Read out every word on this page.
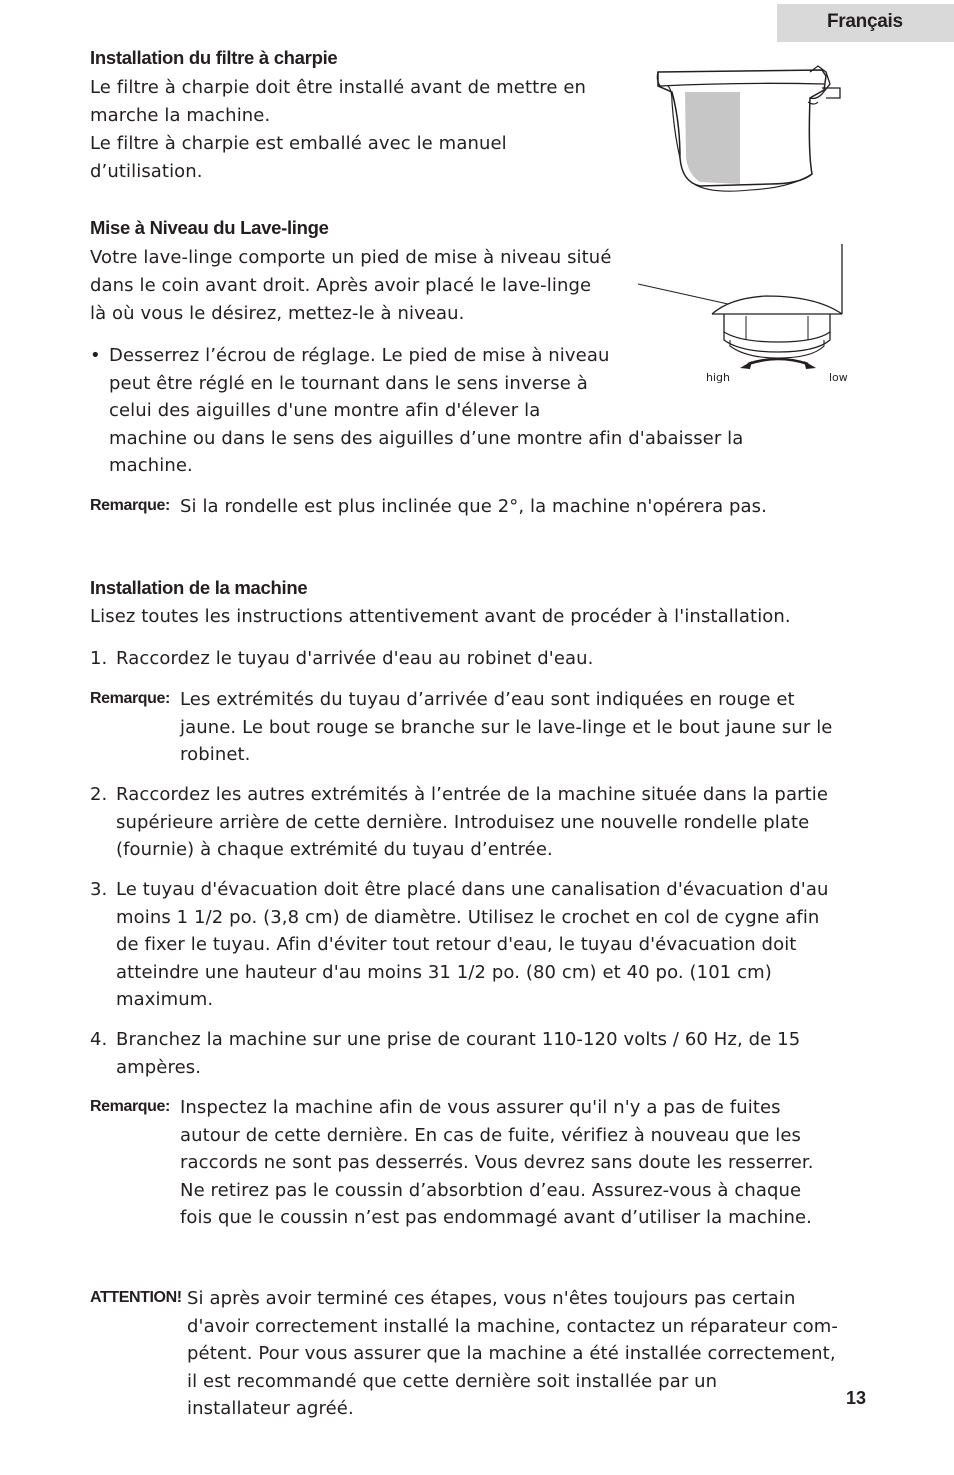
Français
Installation du filtre à charpie
Le filtre à charpie doit être installé avant de mettre en
marche la machine.
Le filtre à charpie est emballé avec le manuel
d’utilisation.
Mise à Niveau du Lave-linge
Votre lave-linge comporte un pied de mise à niveau situé
dans le coin avant droit. Après avoir placé le lave-linge
là où vous le désirez, mettez-le à niveau.
• Desserrez l’écrou de réglage. Le pied de mise à niveau
peut être réglé en le tournant dans le sens inverse à
celui des aiguilles d'une montre afin d'élever la
machine ou dans le sens des aiguilles d’une montre afin d'abaisser la
machine.
high	low
Remarque: Si la rondelle est plus inclinée que 2°, la machine n'opérera pas.
Installation de la machine
Lisez toutes les instructions attentivement avant de procéder à l'installation.
1. Raccordez le tuyau d'arrivée d'eau au robinet d'eau.
Remarque: Les extrémités du tuyau d’arrivée d’eau sont indiquées en rouge et
jaune. Le bout rouge se branche sur le lave-linge et le bout jaune sur le
robinet.
2. Raccordez les autres extrémités à l’entrée de la machine située dans la partie
supérieure arrière de cette dernière. Introduisez une nouvelle rondelle plate
(fournie) à chaque extrémité du tuyau d’entrée.
3. Le tuyau d'évacuation doit être placé dans une canalisation d'évacuation d'au
moins 1 1/2 po. (3,8 cm) de diamètre. Utilisez le crochet en col de cygne afin
de fixer le tuyau. Afin d'éviter tout retour d'eau, le tuyau d'évacuation doit
atteindre une hauteur d'au moins 31 1/2 po. (80 cm) et 40 po. (101 cm)
maximum.
4. Branchez la machine sur une prise de courant 110-120 volts / 60 Hz, de 15
ampères.
Remarque: Inspectez la machine afin de vous assurer qu'il n'y a pas de fuites
autour de cette dernière. En cas de fuite, vérifiez à nouveau que les
raccords ne sont pas desserrés. Vous devrez sans doute les resserrer.
Ne retirez pas le coussin d’absorbtion d’eau. Assurez-vous à chaque
fois que le coussin n’est pas endommagé avant d’utiliser la machine.
ATTENTION! Si après avoir terminé ces étapes, vous n'êtes toujours pas certain
d'avoir correctement installé la machine, contactez un réparateur com-
pétent. Pour vous assurer que la machine a été installée correctement,
il est recommandé que cette dernière soit installée par un
installateur agréé.	13
